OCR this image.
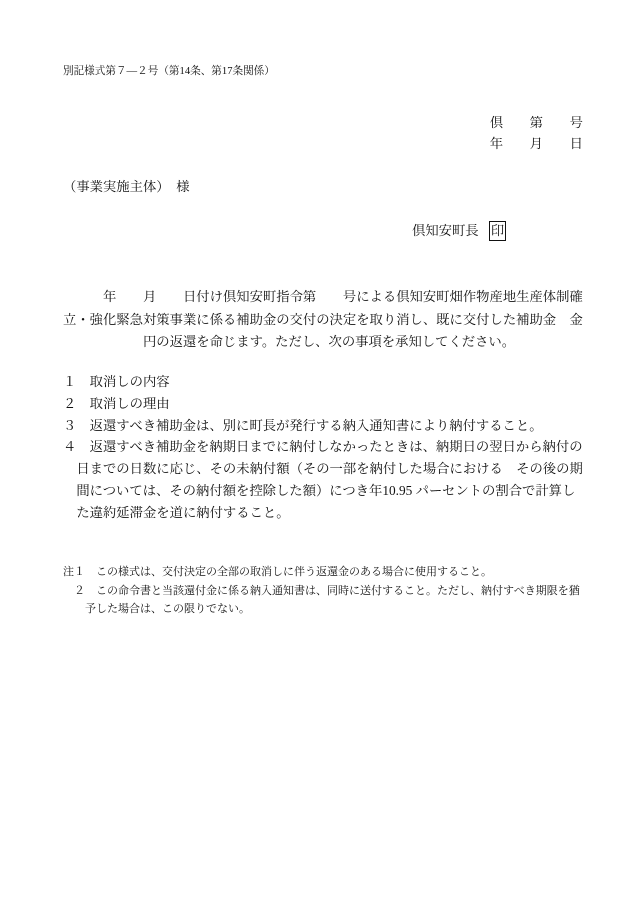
別記様式第７―２号（第14条、第17条関係）
倶　　第　　号
年　　月　　日
（事業実施主体）　様
倶知安町長 印
　　　年　　月　　日付け倶知安町指令第　　号による倶知安町畑作物産地生産体制確
立・強化緊急対策事業に係る補助金の交付の決定を取り消し、既に交付した補助金　金
　　　　　　円の返還を命じます。ただし、次の事項を承知してください。
１ 取消しの内容
２ 取消しの理由
３ 返還すべき補助金は、別に町長が発行する納入通知書により納付すること。
４ 返還すべき補助金を納期日までに納付しなかったときは、納期日の翌日から納付の
日までの日数に応じ、その未納付額（その一部を納付した場合における　その後の期
間については、その納付額を控除した額）につき年10.95 パーセントの割合で計算し
た違約延滞金を道に納付すること。
注 １ この様式は、交付決定の全部の取消しに伴う返還金のある場合に使用すること。
２ この命令書と当該還付金に係る納入通知書は、同時に送付すること。ただし、納付すべき期限を猶
予した場合は、この限りでない。
